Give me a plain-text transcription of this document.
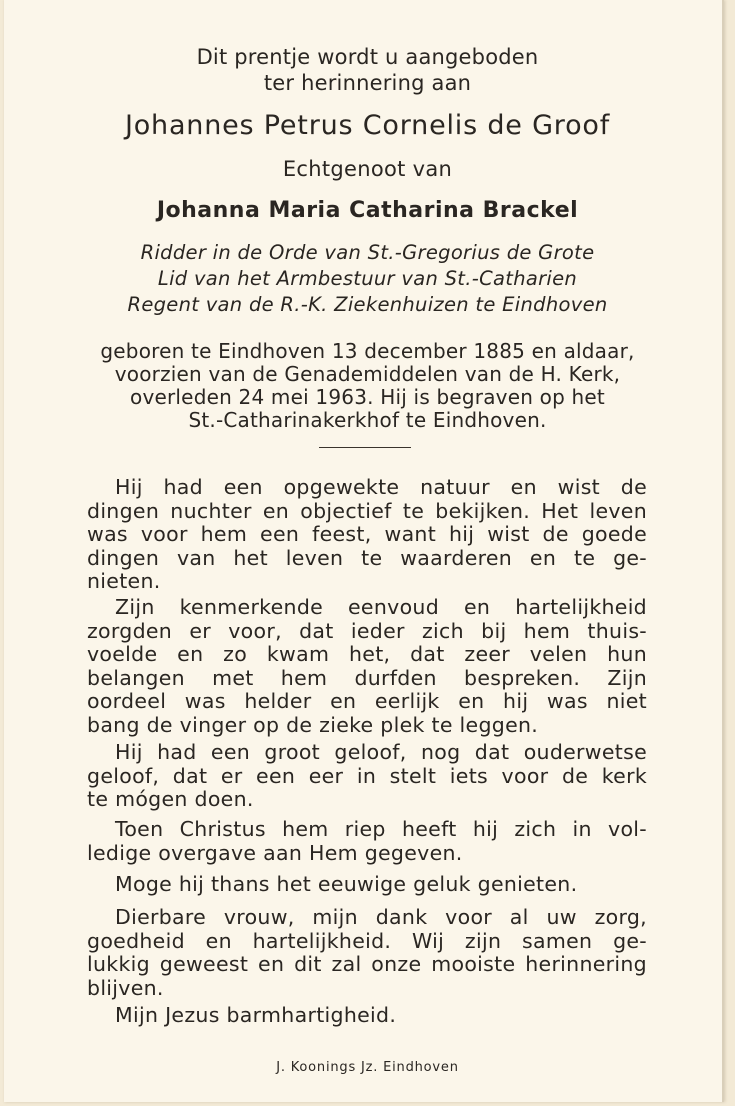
Dit prentje wordt u aangeboden
ter herinnering aan
Johannes Petrus Cornelis de Groof
Echtgenoot van
Johanna Maria Catharina Brackel
Ridder in de Orde van St.-Gregorius de Grote
Lid van het Armbestuur van St.-Catharien
Regent van de R.-K. Ziekenhuizen te Eindhoven
geboren te Eindhoven 13 december 1885 en aldaar,
voorzien van de Genademiddelen van de H. Kerk,
overleden 24 mei 1963. Hij is begraven op het
St.-Catharinakerkhof te Eindhoven.
Hij had een opgewekte natuur en wist de
dingen nuchter en objectief te bekijken. Het leven
was voor hem een feest, want hij wist de goede
dingen van het leven te waarderen en te ge-
nieten.
Zijn kenmerkende eenvoud en hartelijkheid
zorgden er voor, dat ieder zich bij hem thuis-
voelde en zo kwam het, dat zeer velen hun
belangen met hem durfden bespreken. Zijn
oordeel was helder en eerlijk en hij was niet
bang de vinger op de zieke plek te leggen.
Hij had een groot geloof, nog dat ouderwetse
geloof, dat er een eer in stelt iets voor de kerk
te mógen doen.
Toen Christus hem riep heeft hij zich in vol-
ledige overgave aan Hem gegeven.
Moge hij thans het eeuwige geluk genieten.
Dierbare vrouw, mijn dank voor al uw zorg,
goedheid en hartelijkheid. Wij zijn samen ge-
lukkig geweest en dit zal onze mooiste herinnering
blijven.
Mijn Jezus barmhartigheid.
J. Koonings Jz. Eindhoven
